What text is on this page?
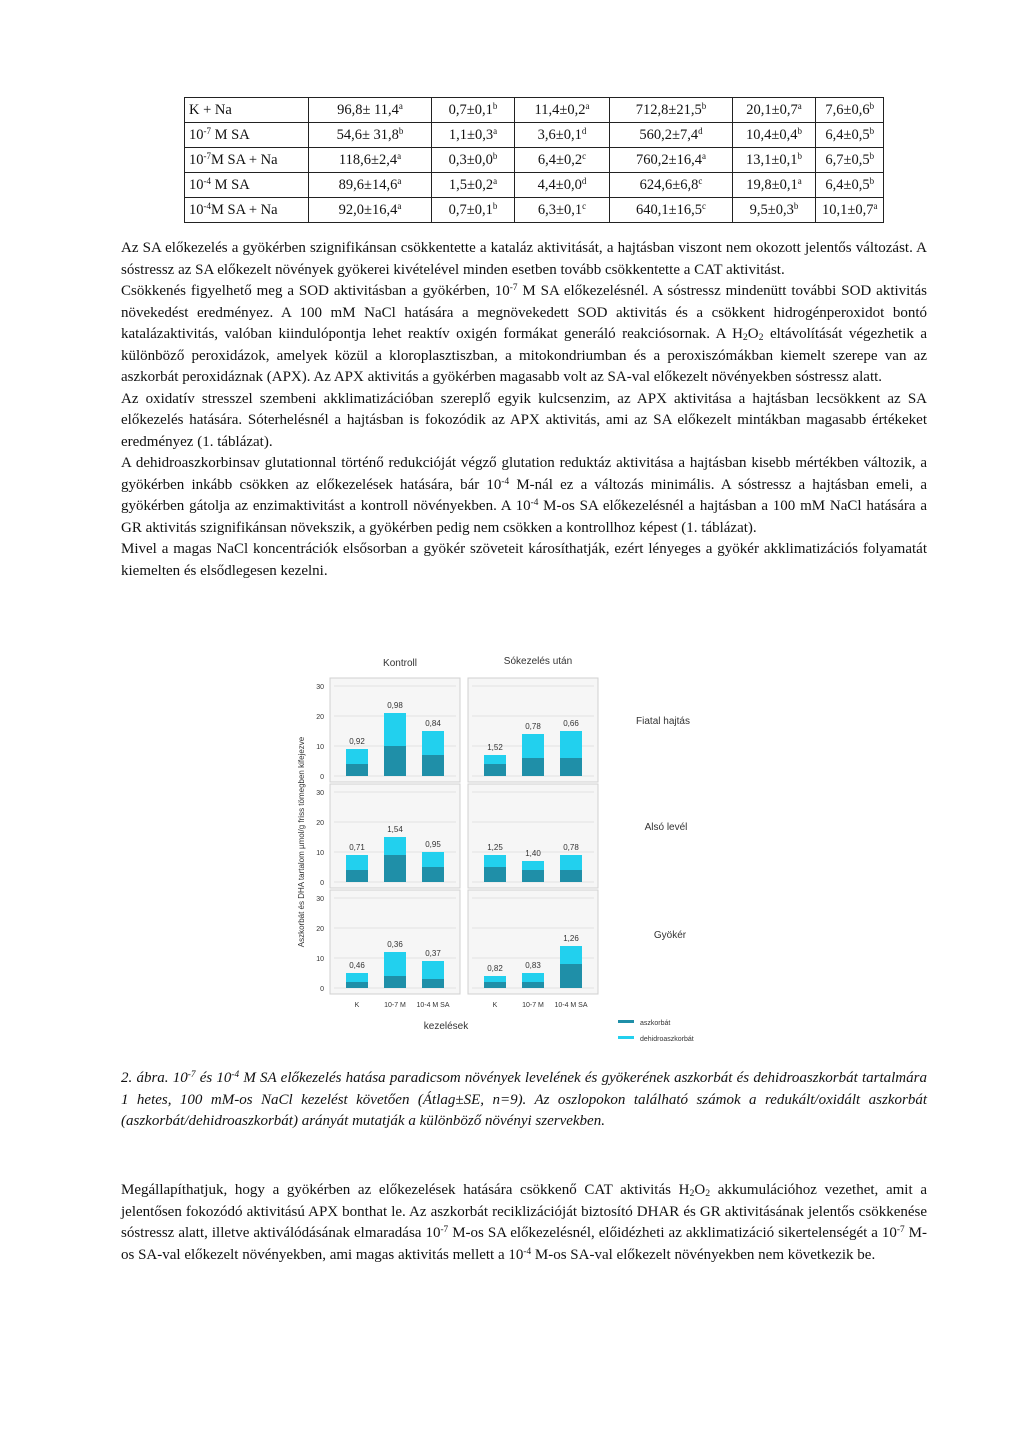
K + Na	96,8± 11,4$^a$	0,7±0,1$^b$	11,4±0,2$^a$	712,8±21,5$^b$	20,1±0,7$^a$	7,6±0,6$^b$
$10^{-7}$ M SA	54,6± 31,8$^b$	1,1±0,3$^a$	3,6±0,1$^d$	560,2±7,4$^d$	10,4±0,4$^b$	6,4±0,5$^b$
$10^{-7}M$ SA + Na	118,6±2,4$^a$	0,3±0,0$^b$	6,4±0,2$^c$	760,2±16,4$^a$	13,1±0,1$^b$	6,7±0,5$^b$
$10^{-4}$ M SA	89,6±14,6$^a$	1,5±0,2$^a$	4,4±0,0$^d$	624,6±6,8$^c$	19,8±0,1$^a$	6,4±0,5$^b$
$10^{-4}M$ SA + Na	92,0±16,4$^a$	0,7±0,1$^b$	6,3±0,1$^c$	640,1±16,5$^c$	9,5±0,3$^b$	10,1±0,7$^a$

Az SA előkezelés a gyökérben szignifikánsan csökkentette a kataláz aktivitását, a hajtásban viszont nem okozott jelentős változást. A sóstressz az SA előkezelt növények gyökerei kivételével minden esetben tovább csökkentette a CAT aktivitást.

Csökkenés figyelhető meg a SOD aktivitásban a gyökérben, $10^{-7}$ M SA előkezelésnél. A sóstressz mindenütt további SOD aktivitás növekedést eredményez. A 100 mM NaCl hatására a megnövekedett SOD aktivitás és a csökkent hidrogénperoxidot bontó katalázaktivitás, valóban kiindulópontja lehet reaktív oxigén formákat generáló reakciósornak. A $H_2O_2$ eltávolítását végezhetik a különböző peroxidázok, amelyek közül a kloroplasztiszban, a mitokondriumban és a peroxiszómákban kiemelt szerepe van az aszkorbát peroxidáznak (APX). Az APX aktivitás a gyökérben magasabb volt az SA-val előkezelt növényekben sóstressz alatt.

Az oxidatív stresszel szembeni akklimatizációban szereplő egyik kulcsenzim, az APX aktivitása a hajtásban lecsökkent az SA előkezelés hatására. Sóterhelésnél a hajtásban is fokozódik az APX aktivitás, ami az SA előkezelt mintákban magasabb értékeket eredményez (1. táblázat).

A dehidroaszkorbinsav glutationnal történő redukcióját végző glutation reduktáz aktivitása a hajtásban kisebb mértékben változik, a gyökérben inkább csökken az előkezelések hatására, bár $10^{-4}$ M-nál ez a változás minimális. A sóstressz a hajtásban emeli, a gyökérben gátolja az enzimaktivitást a kontroll növényekben. A $10^{-4}$ M-os SA előkezelésnél a hajtásban a 100 mM NaCl hatására a GR aktivitás szignifikánsan növekszik, a gyökérben pedig nem csökken a kontrollhoz képest (1. táblázat).

Mivel a magas NaCl koncentrációk elsősorban a gyökér szöveteit károsíthatják, ezért lényeges a gyökér akklimatizációs folyamatát kiemelten és elsődlegesen kezelni.

Kontroll	Sókezelés után
Fiatal hajtás
Alsó levél
Gyökér
Aszkorbát és DHA tartalom µmol/g friss tömegben kifejezve
kezelések
0
10
20
30
0,92
0,98
0,84
1,52
0,78	0,66
0
10
20
30
0,71
1,54
0,95	1,25
1,40
0,78
0
10
20
30
0,46
K
0,36
10-7 M
0,37
10-4 M SA
0,82
K
0,83
10-7 M
1,26
10-4 M SA
aszkorbát
dehidroaszkorbát
2. ábra. $10^{-7}$ és $10^{-4}$ M SA előkezelés hatása paradicsom növények levelének és gyökerének aszkorbát és dehidroaszkorbát tartalmára 1 hetes, 100 mM-os NaCl kezelést követően (Átlag±SE, n=9). Az oszlopokon található számok a redukált/oxidált aszkorbát (aszkorbát/dehidroaszkorbát) arányát mutatják a különböző növényi szervekben.
Megállapíthatjuk, hogy a gyökérben az előkezelések hatására csökkenő CAT aktivitás $H_2O_2$ akkumulációhoz vezethet, amit a jelentősen fokozódó aktivitású APX bonthat le. Az aszkorbát reciklizációját biztosító DHAR és GR aktivitásának jelentős csökkenése sóstressz alatt, illetve aktiválódásának elmaradása $10^{-7}$ M-os SA előkezelésnél, előidézheti az akklimatizáció sikertelenségét a $10^{-7}$ M-os SA-val előkezelt növényekben, ami magas aktivitás mellett a $10^{-4}$ M-os SA-val előkezelt növényekben nem következik be.
